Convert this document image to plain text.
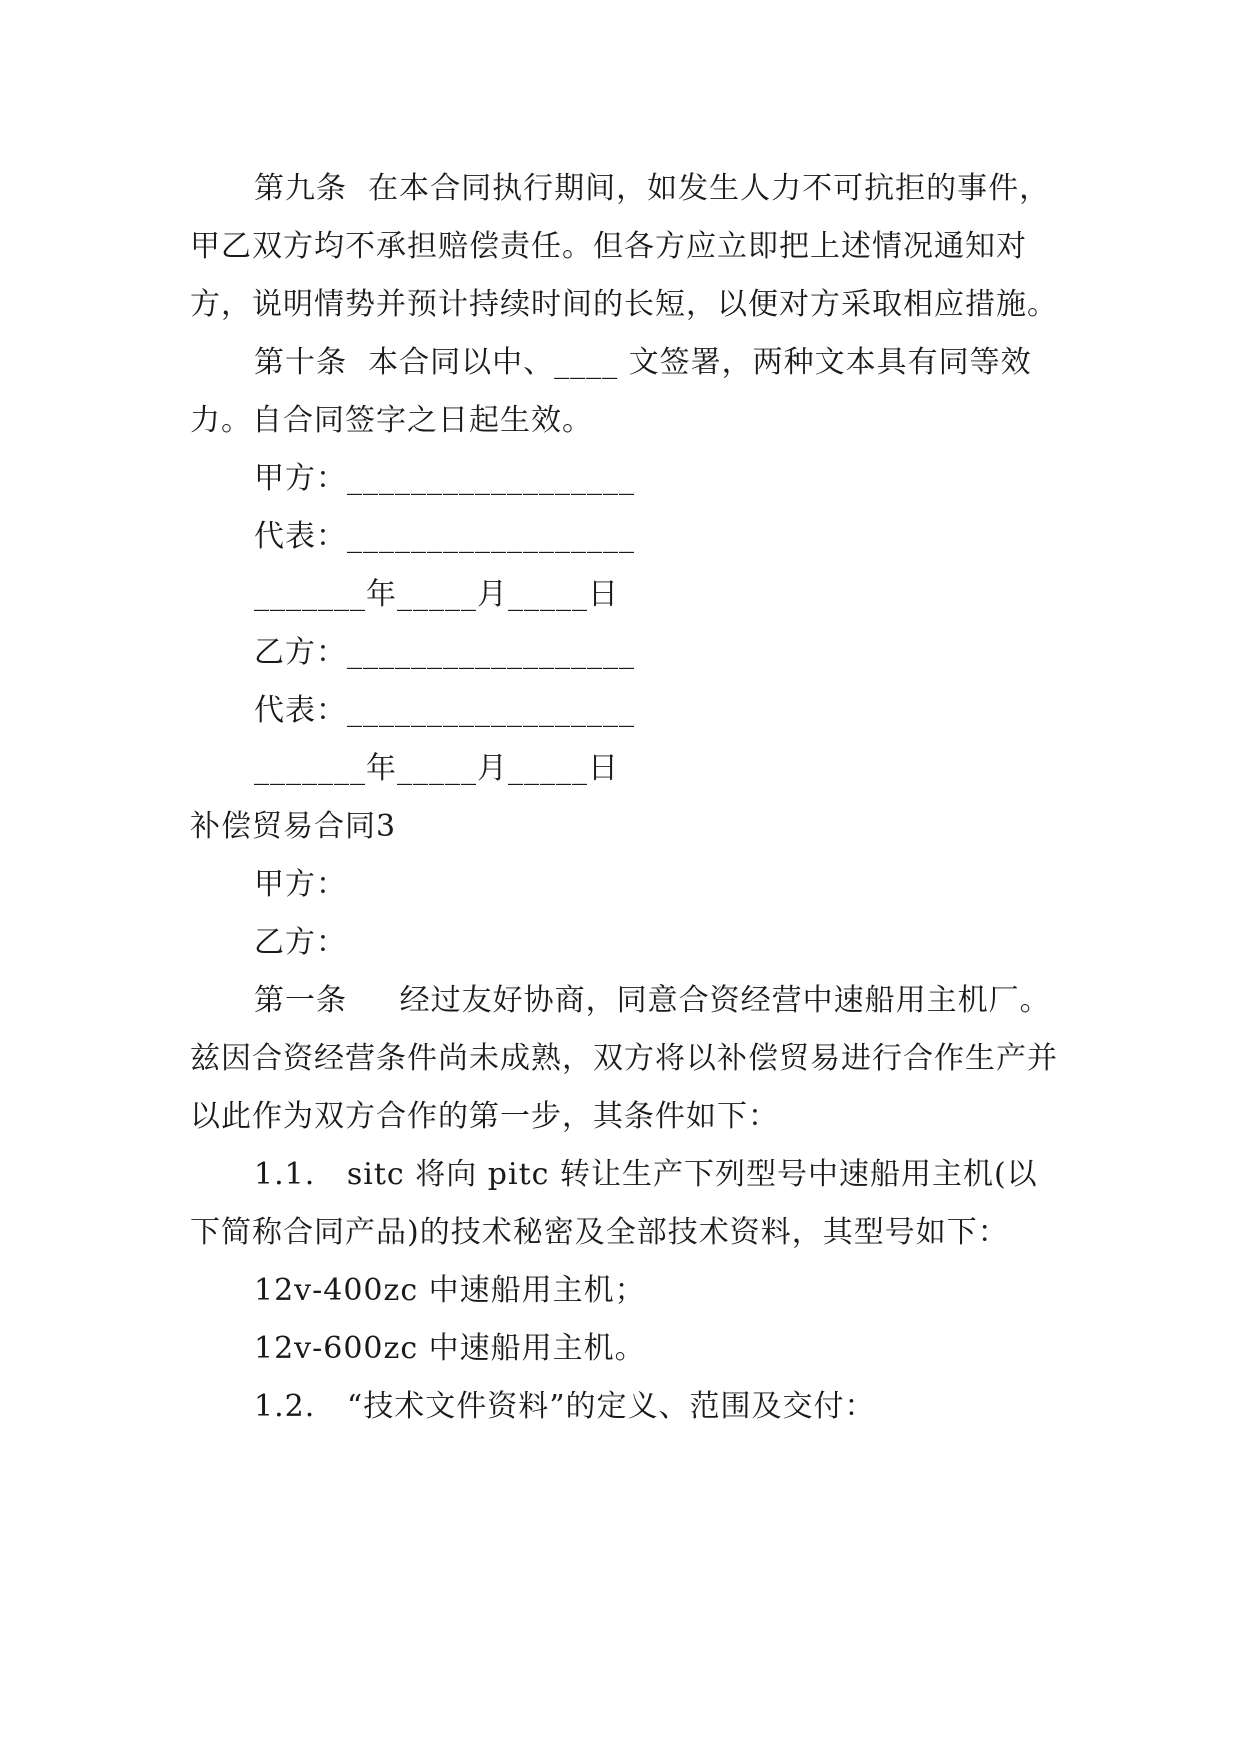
第九条  在本合同执行期间，如发生人力不可抗拒的事件，甲乙双方均不承担赔偿责任。但各方应立即把上述情况通知对方，说明情势并预计持续时间的长短，以便对方采取相应措施。

第十条  本合同以中、____ 文签署，两种文本具有同等效力。自合同签字之日起生效。

甲方：__________________

代表：__________________

_______年_____月_____日

乙方：__________________

代表：__________________

_______年_____月_____日

补偿贸易合同3

甲方：

乙方：

第一条     经过友好协商，同意合资经营中速船用主机厂。兹因合资经营条件尚未成熟，双方将以补偿贸易进行合作生产并以此作为双方合作的第一步，其条件如下：

1.1.   sitc 将向 pitc 转让生产下列型号中速船用主机(以下简称合同产品)的技术秘密及全部技术资料，其型号如下：

12v-400zc 中速船用主机；

12v-600zc 中速船用主机。

1.2.   “技术文件资料”的定义、范围及交付：
